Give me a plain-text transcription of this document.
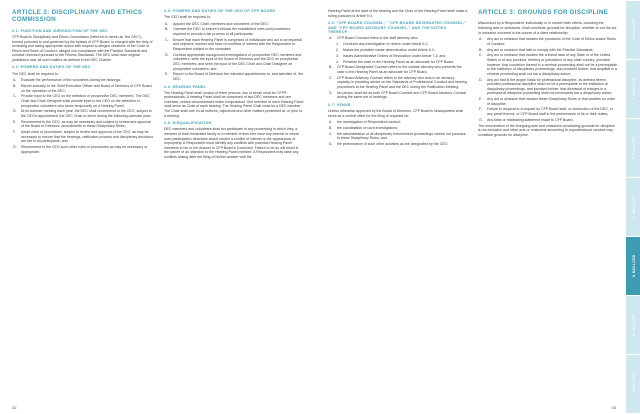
ARTICLE 2: DISCIPLINARY AND ETHICS COMMISSION
2.1: FUNCTION AND JURISDICTION OF THE DEC

CFP Board's Disciplinary and Ethics Commission (referred to herein as "the DEC"), formed pursuant to and governed by the bylaws of CFP Board, is charged with the duty of reviewing and taking appropriate action with respect to alleged violations of the Code of Ethics and Rules of Conduct, alleged non-compliance with the Practice Standards and conduct reviewed pursuant to the Fitness Standards. The DEC shall have original jurisdiction over all such matters as defined in the DEC Charter.

2.2: POWERS AND DUTIES OF THE DEC

The DEC shall be required to:

A. Evaluate the performance of the volunteers during the hearings;
B. Report annually to the Chief Executive Officer and Board of Directors of CFP Board on the operation of the DEC;
C. Provide input to the CEO on the selection of prospective DEC members. The DEC Chair and Chair Designee shall provide input to the CEO on the selection of prospective volunteers who serve temporarily on a Hearing Panel;
D. At its summer meeting each year, the DEC shall recommend to the CEO, subject to the CEO's appointment, the DEC Chair to serve during the following calendar year;
E. Recommend to the CEO, as may be necessary and subject to review and approval of the Board of Directors, amendments to these Disciplinary Rules;
F. Adopt rules or procedures, subject to review and approval of the CEO, as may be necessary to ensure that the hearings, ratification process and disciplinary decisions are fair to all participants; and
G. Recommend to the CEO such other rules or procedures as may be necessary or appropriate.
2.3: POWERS AND DUTIES OF THE CEO OF CFP BOARD

The CEO shall be required to:

A. Appoint the DEC Chair, members and volunteers of the DEC;
B. Oversee the DEC to ensure it follows the established rules and procedures required to provide a fair process to all participants;
C. Ensure that each Hearing Panel is comprised of individuals who act in an impartial and objective manner and have no conflicts of interest with the Respondent or Respondent subject to the complaint;
D. Conduct appropriate background investigations of prospective DEC members and volunteers, seek the input of the Board of Directors and the DEC on prospective DEC members; and seek the input of the DEC Chair and Chair Designee on prospective volunteers; and
E. Report to the Board of Directors the intended appointments to, and activities of, the DEC.
2.4: HEARING PANEL

The Hearing Panel shall consist of three persons, two of whom must be CFP® professionals. A Hearing Panel shall be comprised of two DEC members and one volunteer, unless circumstances make it impractical. One member of each Hearing Panel shall serve as Chair of each hearing. The Hearing Panel Chair must be a DEC member. The Chair shall rule on all motions, objections and other matters presented at, or prior to, a hearing.

2.5: DISQUALIFICATION

DEC members and volunteers shall not participate in any proceeding in which they, a member of their immediate family or a member of their firm have any interest or where such participation otherwise would involve a conflict of interest or the appearance of impropriety. A Respondent must identify any conflicts with potential Hearing Panel members in his or her Answer to CFP Board's Complaint. Failure to do so will result in the waiver of an objection to the Hearing Panel member. A Respondent may raise any conflicts arising after the filing of his/her answer with the

32

Hearing Panel at the start of the hearing and the Chair of the Hearing Panel shall make a ruling pursuant to Article 9.4.

2.6: "CFP BOARD COUNSEL," "CFP BOARD DESIGNATED COUNSEL," AND "CFP BOARD ADVISORY COUNSEL," AND THE DUTIES THEREOF:
A. CFP Board Counsel refers to the staff attorney who:
1. Conducts any investigation or review under Article 6.1;
2. Makes the probable cause determination under Article 6.3;
3. Issues Administrative Orders of Revocation under Article 7.4; and
4. Presents the case to the Hearing Panel as an advocate for CFP Board
B. CFP Board Designated Counsel refers to the outside attorney who presents the case to the Hearing Panel as an advocate for CFP Board.
C. CFP Board Advisory Counsel refers to the attorney who acts in an advisory capacity in providing advice on the Standards of Professional Conduct and hearing procedures to the Hearing Panel and the DEC during the Ratification Meeting.
D. No person shall act as both CFP Board Counsel and CFP Board Advisory Counsel during the same set of hearings.
2.7: VENUE

Unless otherwise approved by the Board of Directors, CFP Board's headquarters shall serve as a central office for the filing of requests for:

A. the investigation of Respondent conduct;
B. the coordination of such investigations;
C. the administration of all disciplinary enforcement proceedings carried out pursuant to these Disciplinary Rules; and
D. the performance of such other activities as are designated by the CEO.
ARTICLE 3: GROUNDS FOR DISCIPLINE

Misconduct by a Respondent, individually or in concert with others, including the following acts or omissions, shall constitute grounds for discipline, whether or not the act or omission occurred in the course of a client relationship:

A. Any act or omission that violates the provisions of the Code of Ethics and/or Rules of Conduct;
B. Any act or omission that fails to comply with the Practice Standards;
C. Any act or omission that violates the criminal laws of any State or of the United States or of any province, territory or jurisdiction of any other country, provided however, that conviction thereof in a criminal proceeding shall not be a prerequisite to the institution of disciplinary proceedings, and provided further, that acquittal in a criminal proceeding shall not bar a disciplinary action;
D. Any act that is the proper basis for professional discipline, as defined herein, provided professional discipline shall not be a prerequisite to the institution of disciplinary proceedings, and provided further, that dismissal of charges in a professional discipline proceeding shall not necessarily bar a disciplinary action;
E. Any act or omission that violates these Disciplinary Rules or that violates an order of discipline;
F. Failure to respond to a request by CFP Board staff, or obstruction of the DEC, or any panel thereof, or CFP Board staff in the performance of its or their duties;
G. Any false or misleading statement made to CFP Board.

The enumeration of the foregoing acts and omissions constituting grounds for discipline is not exclusive and other acts or omissions amounting to unprofessional conduct may constitute grounds for discipline.

33
SECTION 1
SECTION 2
SECTION 3
SECTION 4
SECTION 5
SECTION 6
SECTION 7
